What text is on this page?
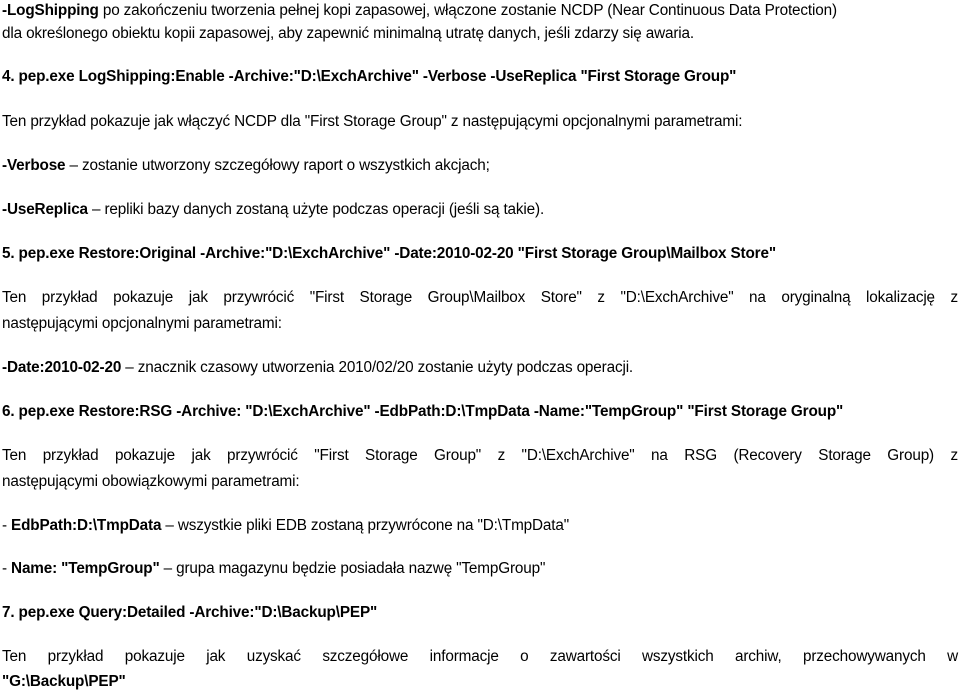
-LogShipping po zakończeniu tworzenia pełnej kopi zapasowej, włączone zostanie NCDP (Near Continuous Data Protection)
dla określonego obiektu kopii zapasowej, aby zapewnić minimalną utratę danych, jeśli zdarzy się awaria.
4. pep.exe LogShipping:Enable -Archive:"D:\ExchArchive" -Verbose -UseReplica "First Storage Group"
Ten przykład pokazuje jak włączyć NCDP dla "First Storage Group" z następującymi opcjonalnymi parametrami:
-Verbose – zostanie utworzony szczegółowy raport o wszystkich akcjach;
-UseReplica – repliki bazy danych zostaną użyte podczas operacji (jeśli są takie).
5. pep.exe Restore:Original -Archive:"D:\ExchArchive" -Date:2010-02-20 "First Storage Group\Mailbox Store"
Ten przykład pokazuje jak przywrócić "First Storage Group\Mailbox Store" z "D:\ExchArchive" na oryginalną lokalizację z
następującymi opcjonalnymi parametrami:
-Date:2010-02-20 – znacznik czasowy utworzenia 2010/02/20 zostanie użyty podczas operacji.
6. pep.exe Restore:RSG -Archive: "D:\ExchArchive" -EdbPath:D:\TmpData -Name:"TempGroup" "First Storage Group"
Ten przykład pokazuje jak przywrócić "First Storage Group" z "D:\ExchArchive" na RSG (Recovery Storage Group) z
następującymi obowiązkowymi parametrami:
- EdbPath:D:\TmpData – wszystkie pliki EDB zostaną przywrócone na "D:\TmpData"
- Name: "TempGroup" – grupa magazynu będzie posiadała nazwę "TempGroup"
7. pep.exe Query:Detailed -Archive:"D:\Backup\PEP"
Ten przykład pokazuje jak uzyskać szczegółowe informacje o zawartości wszystkich archiw, przechowywanych w
"G:\Backup\PEP"
